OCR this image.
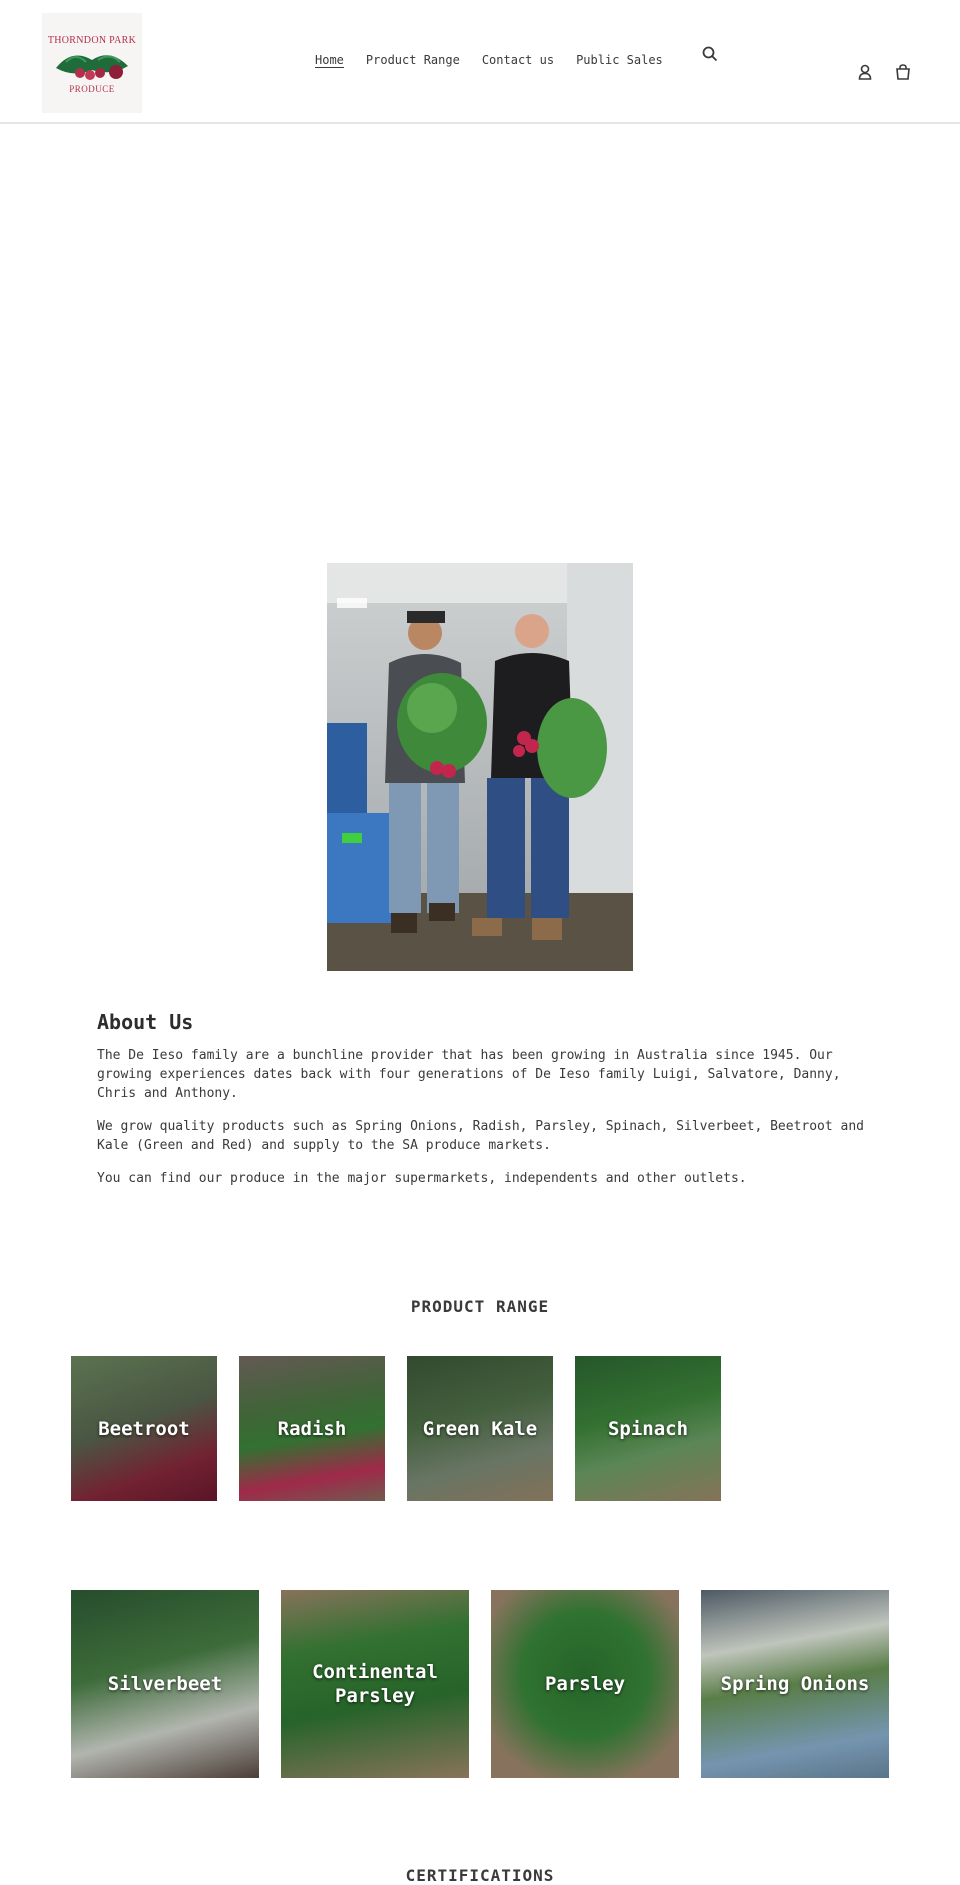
THORNDON PARK
PRODUCE
Home Product Range Contact us Public Sales
About Us

The De Ieso family are a bunchline provider that has been growing in Australia since 1945. Our growing experiences dates back with four generations of De Ieso family Luigi, Salvatore, Danny, Chris and Anthony.

We grow quality products such as Spring Onions, Radish, Parsley, Spinach, Silverbeet, Beetroot and Kale (Green and Red) and supply to the SA produce markets.

You can find our produce in the major supermarkets, independents and other outlets.

PRODUCT RANGE
Beetroot	Radish	Green Kale	Spinach
Silverbeet
Continental Parsley
Parsley	Spring Onions
CERTIFICATIONS
